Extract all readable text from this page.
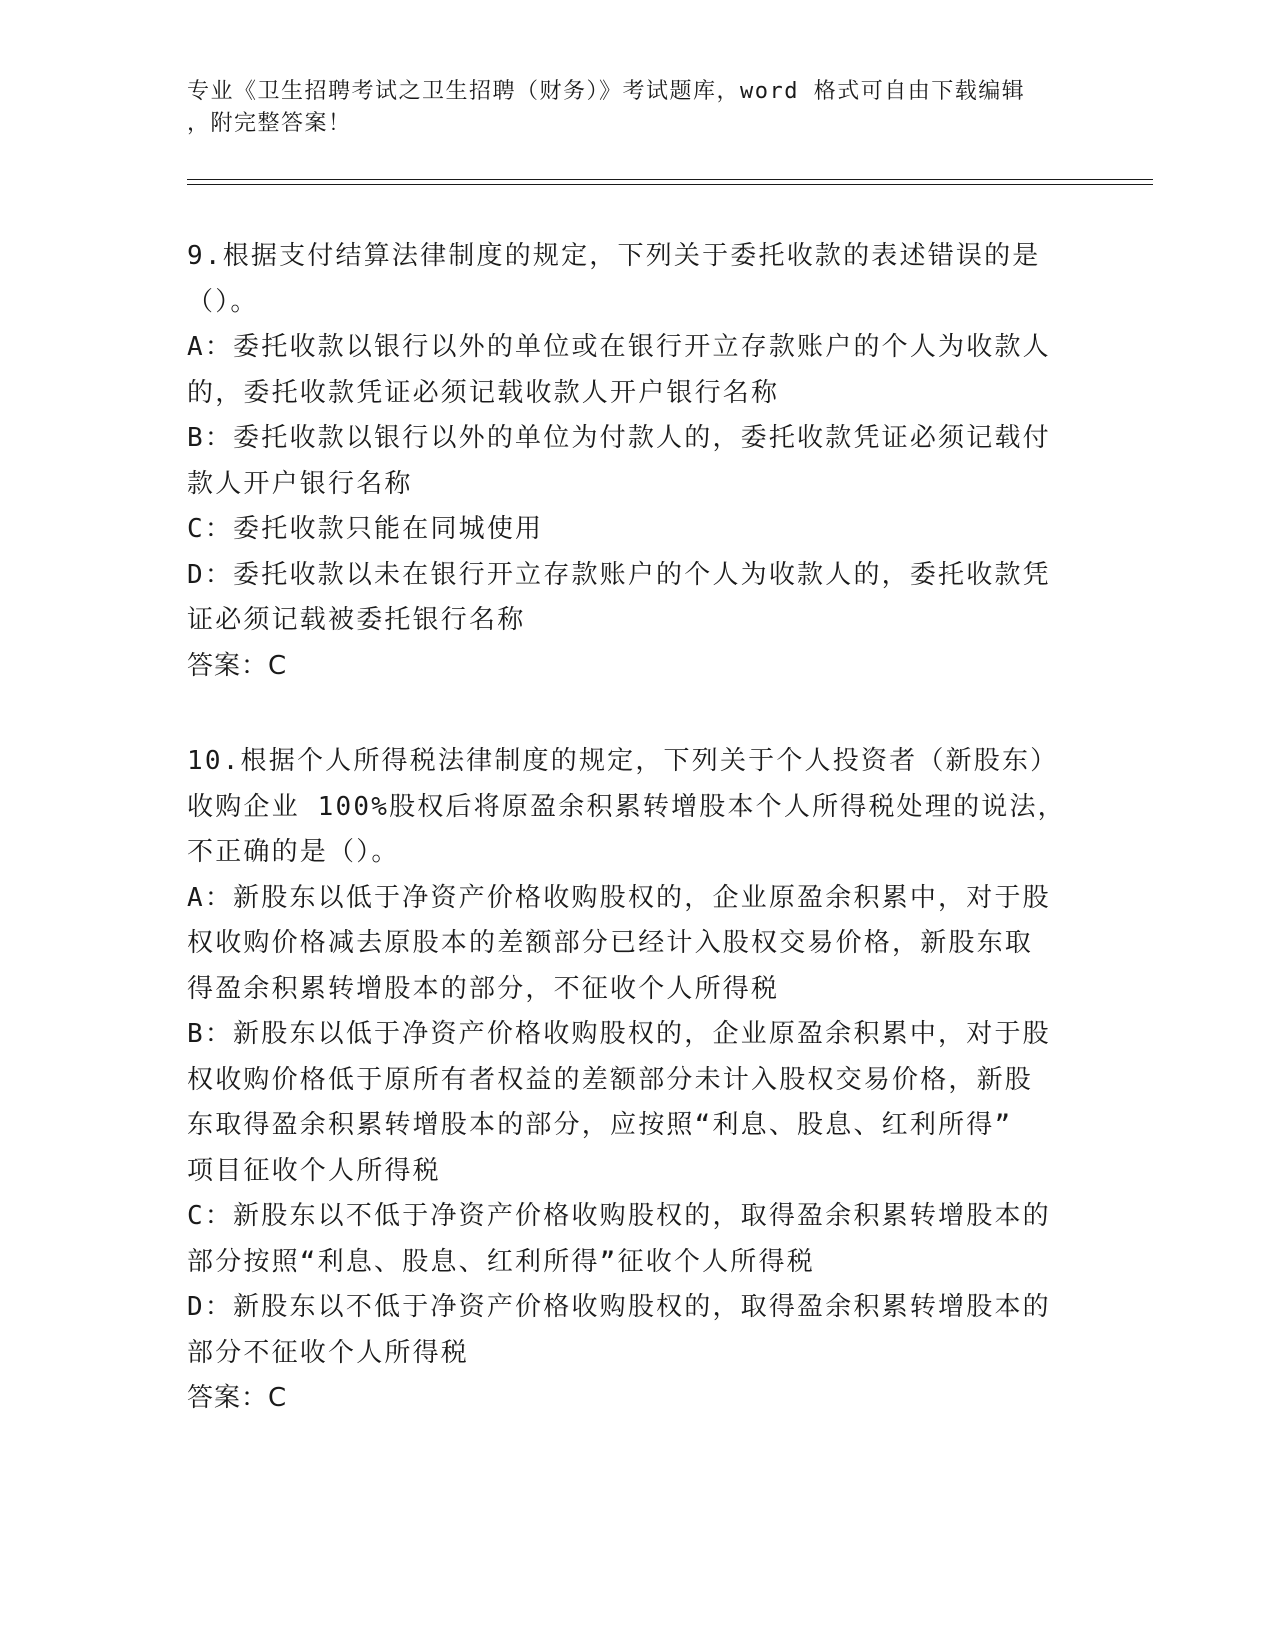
专业《卫生招聘考试之卫生招聘（财务）》考试题库，word 格式可自由下载编辑

，附完整答案！

9.根据支付结算法律制度的规定，下列关于委托收款的表述错误的是

（）。

A：委托收款以银行以外的单位或在银行开立存款账户的个人为收款人

的，委托收款凭证必须记载收款人开户银行名称

B：委托收款以银行以外的单位为付款人的，委托收款凭证必须记载付

款人开户银行名称

C：委托收款只能在同城使用

D：委托收款以未在银行开立存款账户的个人为收款人的，委托收款凭

证必须记载被委托银行名称

答案：C

10.根据个人所得税法律制度的规定，下列关于个人投资者（新股东）

收购企业 100%股权后将原盈余积累转增股本个人所得税处理的说法，

不正确的是（）。

A：新股东以低于净资产价格收购股权的，企业原盈余积累中，对于股

权收购价格减去原股本的差额部分已经计入股权交易价格，新股东取

得盈余积累转增股本的部分，不征收个人所得税

B：新股东以低于净资产价格收购股权的，企业原盈余积累中，对于股

权收购价格低于原所有者权益的差额部分未计入股权交易价格，新股

东取得盈余积累转增股本的部分，应按照“利息、股息、红利所得”

项目征收个人所得税

C：新股东以不低于净资产价格收购股权的，取得盈余积累转增股本的

部分按照“利息、股息、红利所得”征收个人所得税

D：新股东以不低于净资产价格收购股权的，取得盈余积累转增股本的

部分不征收个人所得税

答案：C
